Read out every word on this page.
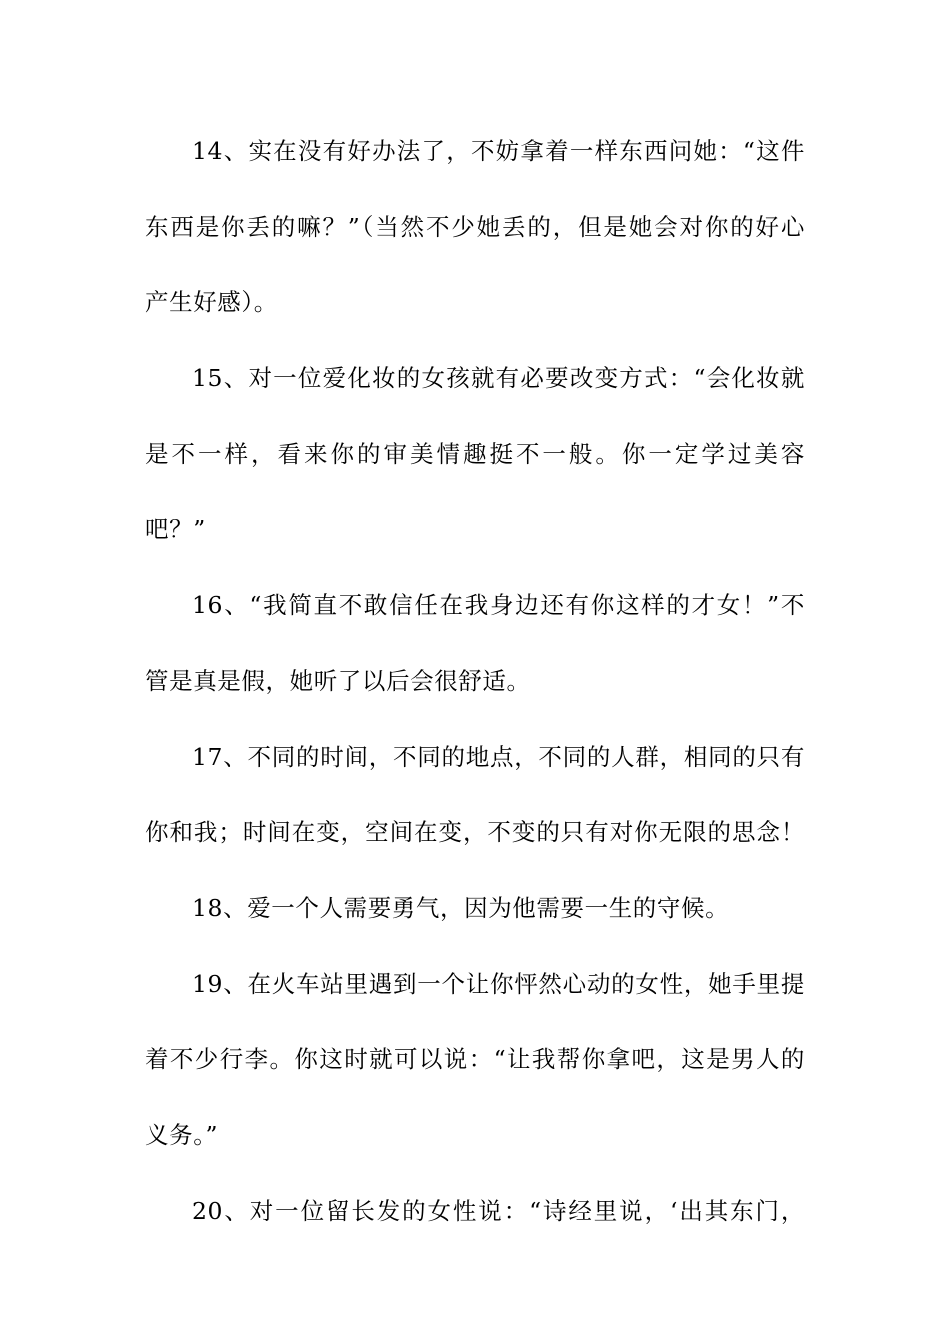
14、实在没有好办法了，不妨拿着一样东西问她：“这件
东西是你丢的嘛？”（当然不少她丢的，但是她会对你的好心
产生好感）。
15、对一位爱化妆的女孩就有必要改变方式：“会化妆就
是不一样，看来你的审美情趣挺不一般。你一定学过美容
吧？”
16、“我简直不敢信任在我身边还有你这样的才女！”不
管是真是假，她听了以后会很舒适。
17、不同的时间，不同的地点，不同的人群，相同的只有
你和我；时间在变，空间在变，不变的只有对你无限的思念！
18、爱一个人需要勇气，因为他需要一生的守候。
19、在火车站里遇到一个让你怦然心动的女性，她手里提
着不少行李。你这时就可以说：“让我帮你拿吧，这是男人的
义务。”
20、对一位留长发的女性说：“诗经里说，‘出其东门，
